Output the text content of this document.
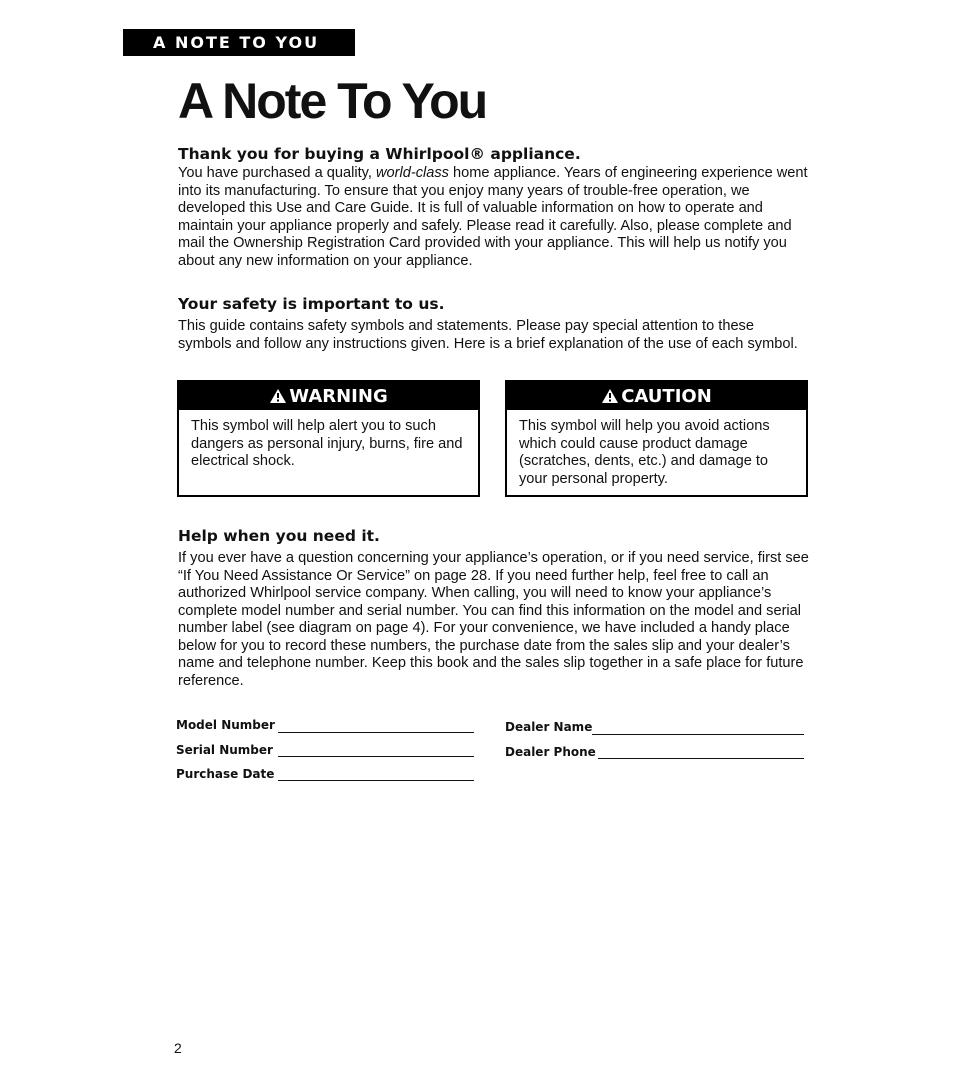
A NOTE TO YOU
A Note To You
Thank you for buying a Whirlpool® appliance.

You have purchased a quality, world-class home appliance. Years of engineering experience went into its manufacturing. To ensure that you enjoy many years of trouble-free operation, we developed this Use and Care Guide. It is full of valuable information on how to operate and maintain your appliance properly and safely. Please read it carefully. Also, please complete and mail the Ownership Registration Card provided with your appliance. This will help us notify you about any new information on your appliance.

Your safety is important to us.

This guide contains safety symbols and statements. Please pay special attention to these symbols and follow any instructions given. Here is a brief explanation of the use of each symbol.

WARNING
This symbol will help alert you to such dangers as personal injury, burns, fire and electrical shock.
CAUTION
This symbol will help you avoid actions which could cause product damage (scratches, dents, etc.) and damage to your personal property.
Help when you need it.

If you ever have a question concerning your appliance’s operation, or if you need service, first see “If You Need Assistance Or Service” on page 28. If you need further help, feel free to call an authorized Whirlpool service company. When calling, you will need to know your appliance’s complete model number and serial number. You can find this information on the model and serial number label (see diagram on page 4). For your convenience, we have included a handy place below for you to record these numbers, the purchase date from the sales slip and your dealer’s name and telephone number. Keep this book and the sales slip together in a safe place for future reference.

Model Number
Serial Number
Purchase Date
Dealer Name
Dealer Phone
2
